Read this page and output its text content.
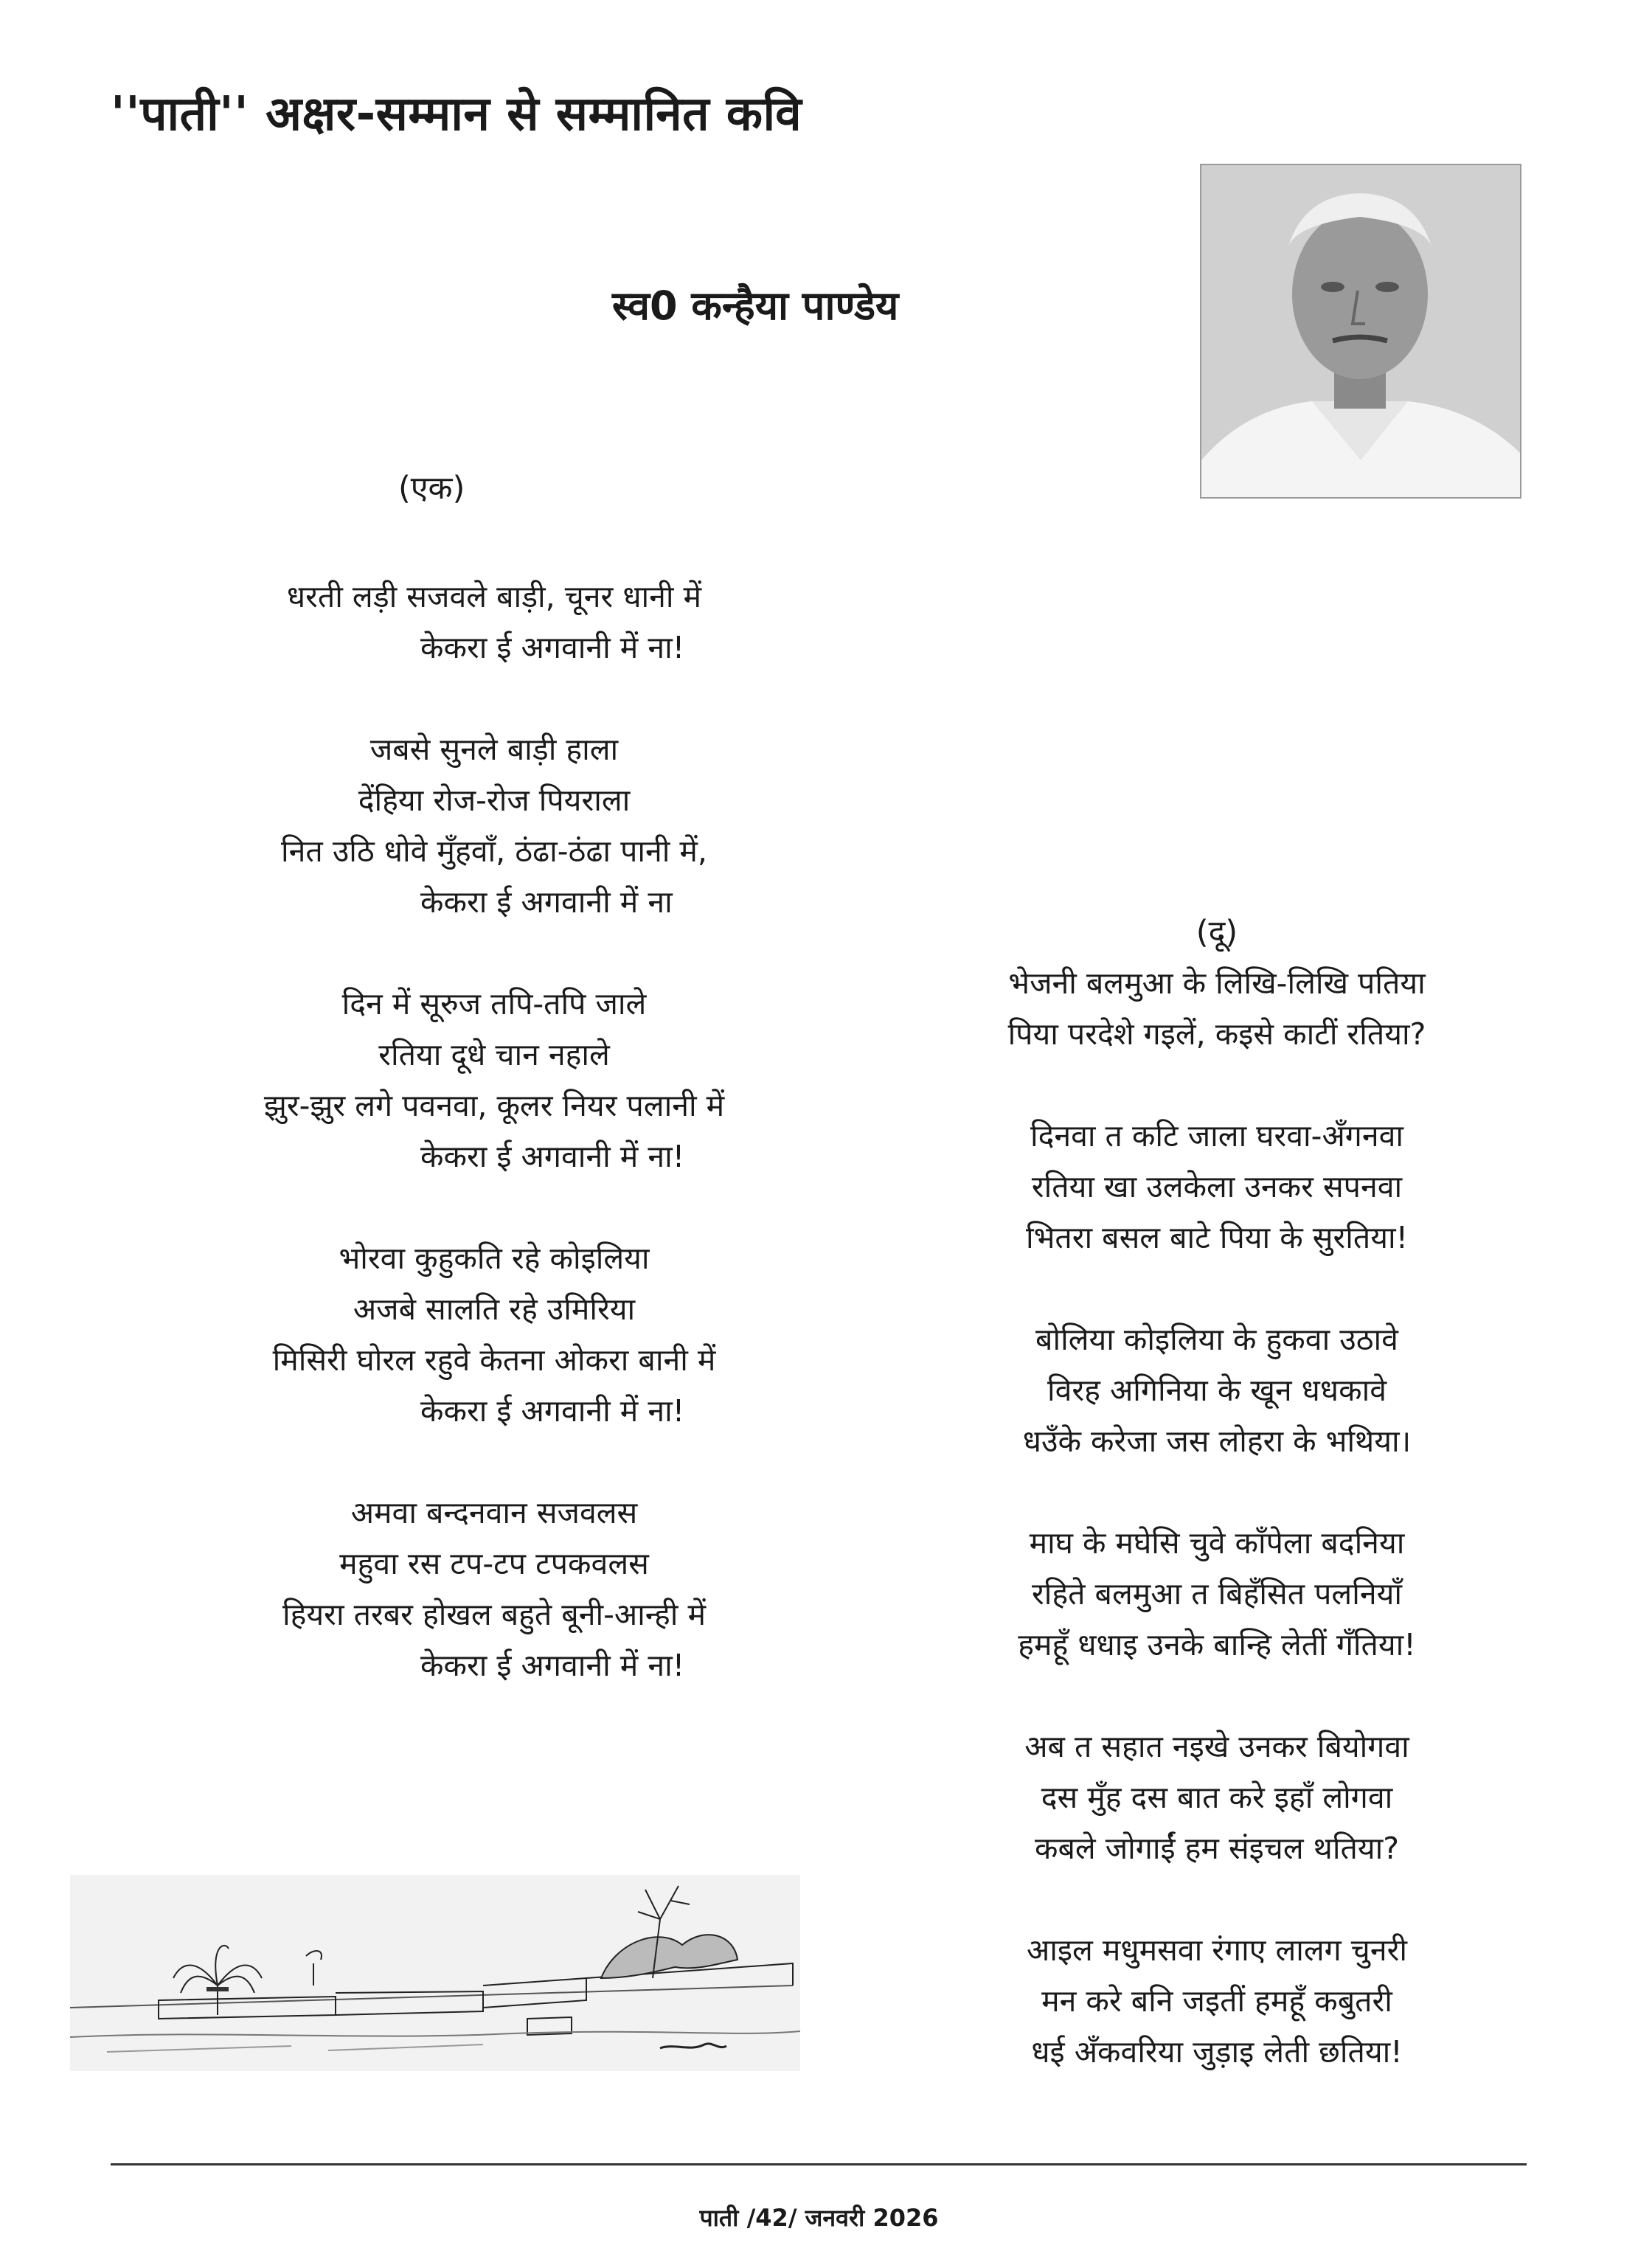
''पाती'' अक्षर-सम्मान से सम्मानित कवि
स्व0 कन्हैया पाण्डेय
(एक)
धरती लड़ी सजवले बाड़ी, चूनर धानी में
केकरा ई अगवानी में ना!
जबसे सुनले बाड़ी हाला
देंहिया रोज-रोज पियराला
नित उठि धोवे मुँहवाँ, ठंढा-ठंढा पानी में,
केकरा ई अगवानी में ना
दिन में सूरुज तपि-तपि जाले
रतिया दूधे चान नहाले
झुर-झुर लगे पवनवा, कूलर नियर पलानी में
केकरा ई अगवानी में ना!
भोरवा कुहुकति रहे कोइलिया
अजबे सालति रहे उमिरिया
मिसिरी घोरल रहुवे केतना ओकरा बानी में
केकरा ई अगवानी में ना!
अमवा बन्दनवान सजवलस
महुवा रस टप-टप टपकवलस
हियरा तरबर होखल बहुते बूनी-आन्ही में
केकरा ई अगवानी में ना!
(दू)
भेजनी बलमुआ के लिखि-लिखि पतिया
पिया परदेशे गइलें, कइसे काटीं रतिया?
दिनवा त कटि जाला घरवा-अँगनवा
रतिया खा उलकेला उनकर सपनवा
भितरा बसल बाटे पिया के सुरतिया!
बोलिया कोइलिया के हुकवा उठावे
विरह अगिनिया के खून धधकावे
धउँके करेजा जस लोहरा के भथिया।
माघ के मघेसि चुवे काँपेला बदनिया
रहिते बलमुआ त बिहँसित पलनियाँ
हमहूँ धधाइ उनके बान्हि लेतीं गँतिया!
अब त सहात नइखे उनकर बियोगवा
दस मुँह दस बात करे इहाँ लोगवा
कबले जोगाईं हम संइचल थतिया?
आइल मधुमसवा रंगाए लालग चुनरी
मन करे बनि जइतीं हमहूँ कबुतरी
धई अँकवरिया जुड़ाइ लेती छतिया!
पाती /42/ जनवरी 2026
